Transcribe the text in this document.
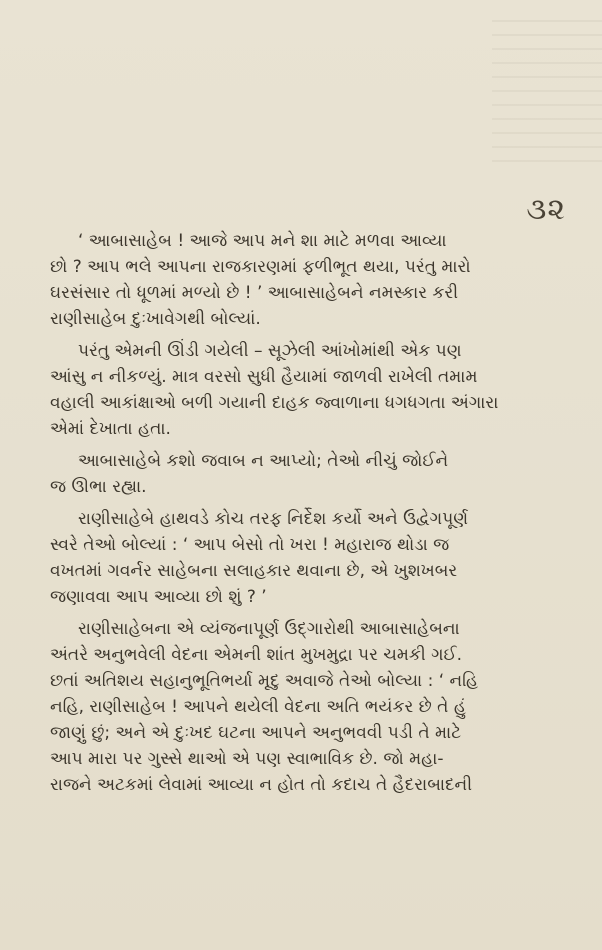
૩૨
‘ આબાસાહેબ ! આજે આપ મને શા માટે મળવા આવ્યા
છો ? આપ ભલે આપના રાજકારણમાં ફળીભૂત થયા, પરંતુ મારો
ઘરસંસાર તો ધૂળમાં મળ્યો છે ! ’ આબાસાહેબને નમસ્કાર કરી
રાણીસાહેબ દુઃખાવેગથી બોલ્યાં.
પરંતુ એમની ઊંડી ગયેલી – સૂઝેલી આંખોમાંથી એક પણ
આંસુ ન નીકળ્યું. માત્ર વરસો સુધી હૈયામાં જાળવી રાખેલી તમામ
વહાલી આકાંક્ષાઓ બળી ગયાની દાહક જ્વાળાના ધગધગતા અંગારા
એમાં દેખાતા હતા.
આબાસાહેબે કશો જવાબ ન આપ્યો; તેઓ નીચું જોઈને
જ ઊભા રહ્યા.
રાણીસાહેબે હાથવડે કોચ તરફ નિર્દેશ કર્યો અને ઉદ્વેગપૂર્ણ
સ્વરે તેઓ બોલ્યાં : ‘ આપ બેસો તો ખરા ! મહારાજ થોડા જ
વખતમાં ગવર્નર સાહેબના સલાહકાર થવાના છે, એ ખુશખબર
જણાવવા આપ આવ્યા છો શું ? ’
રાણીસાહેબના એ વ્યંજનાપૂર્ણ ઉદ્ગારોથી આબાસાહેબના
અંતરે અનુભવેલી વેદના એમની શાંત મુખમુદ્રા પર ચમકી ગઈ.
છતાં અતિશય સહાનુભૂતિભર્યા મૃદુ અવાજે તેઓ બોલ્યા : ‘ નહિ
નહિ, રાણીસાહેબ ! આપને થયેલી વેદના અતિ ભયંકર છે તે હું
જાણું છું; અને એ દુઃખદ ઘટના આપને અનુભવવી પડી તે માટે
આપ મારા પર ગુસ્સે થાઓ એ પણ સ્વાભાવિક છે. જો મહા-
રાજને અટકમાં લેવામાં આવ્યા ન હોત તો કદાચ તે હૈદરાબાદની
